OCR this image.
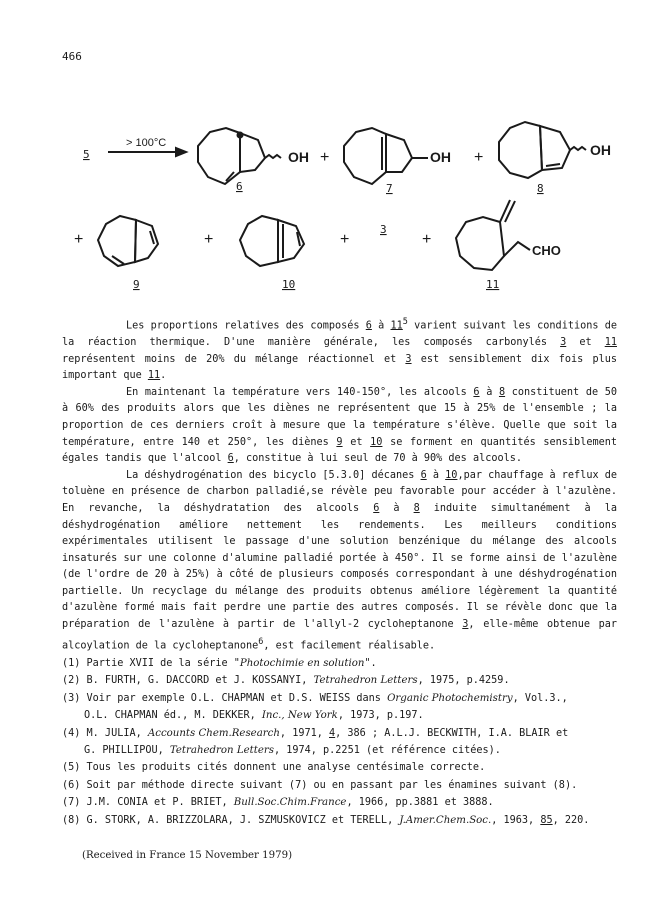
466
5
> 100°C
OH +	OH +	OH
+	+	+
3
+
CHO
6	7	8
9	10	11

Les proportions relatives des composés 6 à $11^5$ varient suivant les conditions de la réaction thermique. D'une manière générale, les composés carbonylés 3 et 11 représentent moins de 20% du mélange réactionnel et 3 est sensiblement dix fois plus important que 11.

En maintenant la température vers 140-150°, les alcools 6 à 8 constituent de 50 à 60% des produits alors que les diènes ne représentent que 15 à 25% de l'ensemble ; la proportion de ces derniers croît à mesure que la température s'élève. Quelle que soit la température, entre 140 et 250°, les diènes 9 et 10 se forment en quantités sensiblement égales tandis que l'alcool 6, constitue à lui seul de 70 à 90% des alcools.

La déshydrogénation des bicyclo [5.3.0] décanes 6 à 10,par chauffage à reflux de toluène en présence de charbon palladié,se révèle peu favorable pour accéder à l'azulène. En revanche, la déshydratation des alcools 6 à 8 induite simultanément à la déshydrogénation améliore nettement les rendements. Les meilleurs conditions expérimentales utilisent le passage d'une solution benzénique du mélange des alcools insaturés sur une colonne d'alumine palladié portée à 450°. Il se forme ainsi de l'azulène (de l'ordre de 20 à 25%) à côté de plusieurs composés correspondant à une déshydrogénation partielle. Un recyclage du mélange des produits obtenus améliore légèrement la quantité d'azulène formé mais fait perdre une partie des autres composés. Il se révèle donc que la préparation de l'azulène à partir de l'allyl-2 cycloheptanone 3, elle-même obtenue par alcoylation de la cycloheptanone$^6$, est facilement réalisable.

(1) Partie XVII de la série "Photochimie en solution".
(2) B. FURTH, G. DACCORD et J. KOSSANYI, Tetrahedron Letters, 1975, p.4259.
(3) Voir par exemple O.L. CHAPMAN et D.S. WEISS dans Organic Photochemistry, Vol.3.,
O.L. CHAPMAN éd., M. DEKKER, Inc., New York, 1973, p.197.
(4) M. JULIA, Accounts Chem.Research, 1971, 4, 386 ; A.L.J. BECKWITH, I.A. BLAIR et
G. PHILLIPOU, Tetrahedron Letters, 1974, p.2251 (et référence citées).
(5) Tous les produits cités donnent une analyse centésimale correcte.
(6) Soit par méthode directe suivant (7) ou en passant par les énamines suivant (8).
(7) J.M. CONIA et P. BRIET, Bull.Soc.Chim.France, 1966, pp.3881 et 3888.
(8) G. STORK, A. BRIZZOLARA, J. SZMUSKOVICZ et TERELL, J.Amer.Chem.Soc., 1963, 85, 220.
(Received in France 15 November 1979)
